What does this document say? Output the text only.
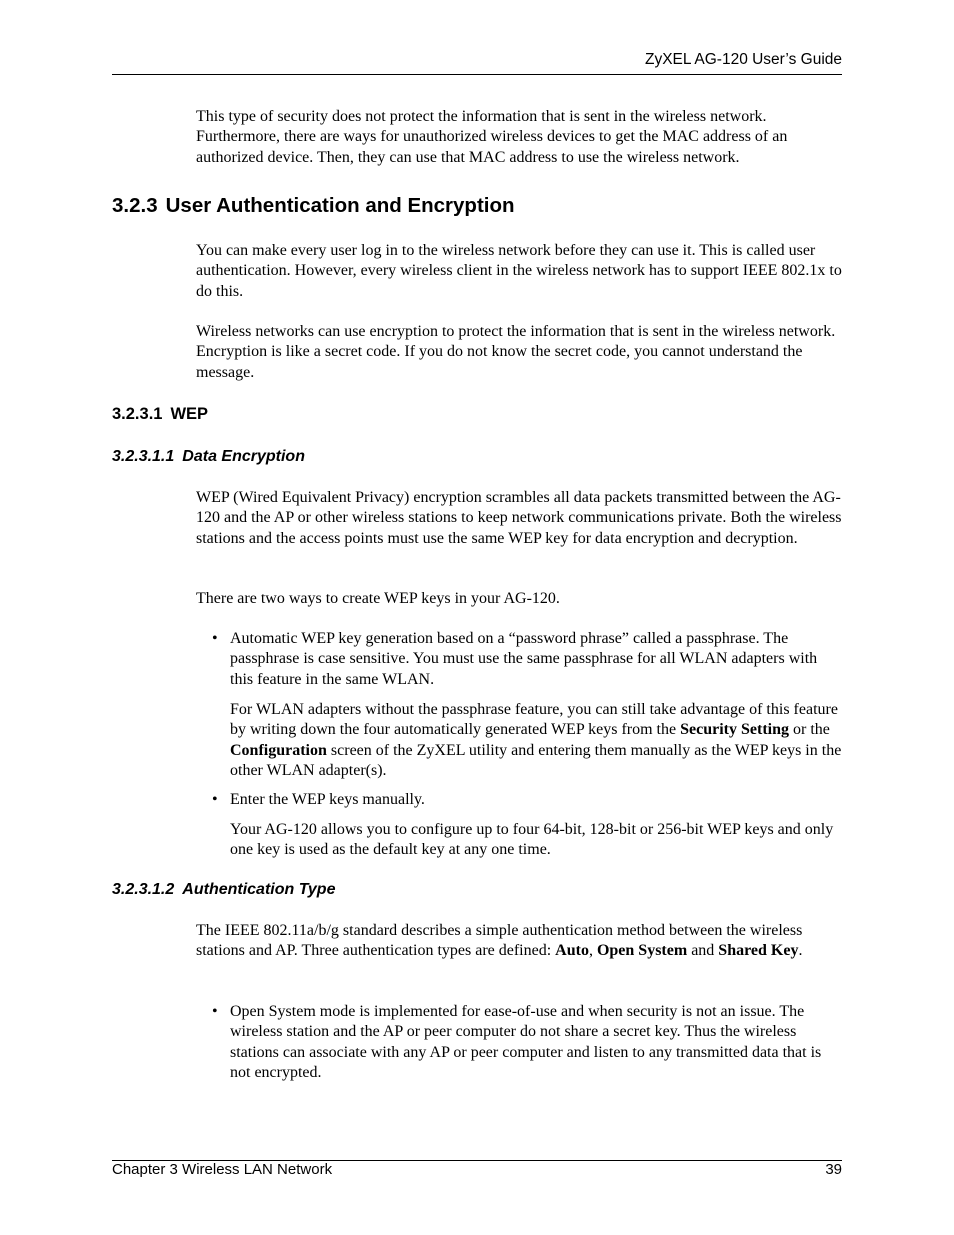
ZyXEL AG-120 User’s Guide

This type of security does not protect the information that is sent in the wireless network. Furthermore, there are ways for unauthorized wireless devices to get the MAC address of an authorized device. Then, they can use that MAC address to use the wireless network.

3.2.3 User Authentication and Encryption

You can make every user log in to the wireless network before they can use it. This is called user authentication. However, every wireless client in the wireless network has to support IEEE 802.1x to do this.

Wireless networks can use encryption to protect the information that is sent in the wireless network. Encryption is like a secret code. If you do not know the secret code, you cannot understand the message.

3.2.3.1 WEP
3.2.3.1.1 Data Encryption

WEP (Wired Equivalent Privacy) encryption scrambles all data packets transmitted between the AG-120 and the AP or other wireless stations to keep network communications private. Both the wireless stations and the access points must use the same WEP key for data encryption and decryption.

There are two ways to create WEP keys in your AG-120.

• Automatic WEP key generation based on a “password phrase” called a passphrase. The passphrase is case sensitive. You must use the same passphrase for all WLAN adapters with this feature in the same WLAN.

For WLAN adapters without the passphrase feature, you can still take advantage of this feature by writing down the four automatically generated WEP keys from the Security Setting or the Configuration screen of the ZyXEL utility and entering them manually as the WEP keys in the other WLAN adapter(s).

• Enter the WEP keys manually.

Your AG-120 allows you to configure up to four 64-bit, 128-bit or 256-bit WEP keys and only one key is used as the default key at any one time.

3.2.3.1.2 Authentication Type

The IEEE 802.11a/b/g standard describes a simple authentication method between the wireless stations and AP. Three authentication types are defined: Auto, Open System and Shared Key.

• Open System mode is implemented for ease-of-use and when security is not an issue. The wireless station and the AP or peer computer do not share a secret key. Thus the wireless stations can associate with any AP or peer computer and listen to any transmitted data that is not encrypted.

Chapter 3 Wireless LAN Network	39
